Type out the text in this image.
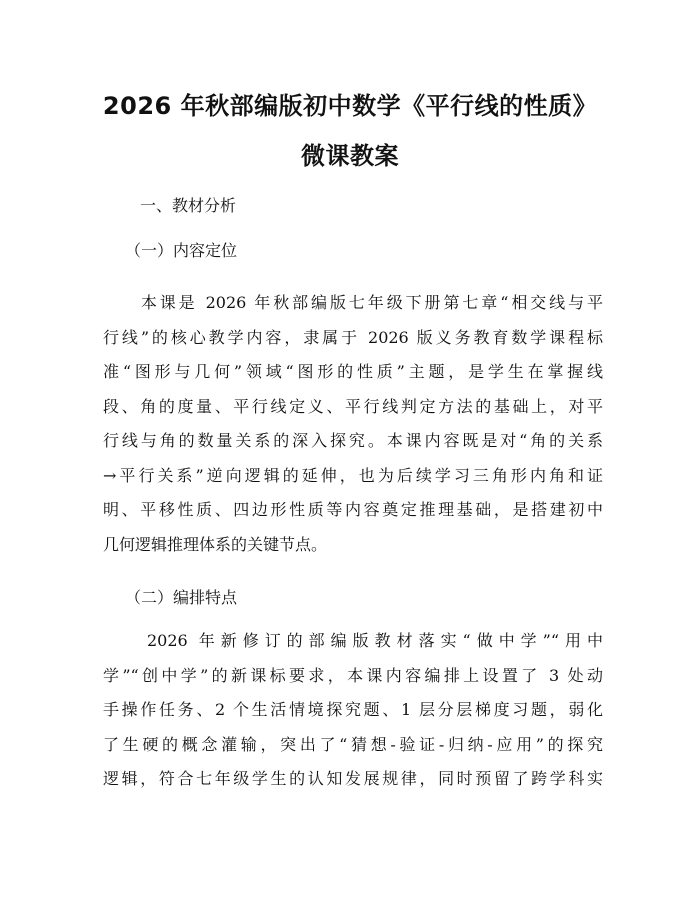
2026 年秋部编版初中数学《平行线的性质》
微课教案
一、教材分析
（一）内容定位
　　本课是 2026 年秋部编版七年级下册第七章“相交线与平
行线”的核心教学内容，隶属于 2026 版义务教育数学课程标
准“图形与几何”领域“图形的性质”主题，是学生在掌握线
段、角的度量、平行线定义、平行线判定方法的基础上，对平
行线与角的数量关系的深入探究。本课内容既是对“角的关系
→平行关系”逆向逻辑的延伸，也为后续学习三角形内角和证
明、平移性质、四边形性质等内容奠定推理基础，是搭建初中
几何逻辑推理体系的关键节点。
（二）编排特点
　　2026 年新修订的部编版教材落实“做中学”“用中
学”“创中学”的新课标要求，本课内容编排上设置了 3 处动
手操作任务、2 个生活情境探究题、1 层分层梯度习题，弱化
了生硬的概念灌输，突出了“猜想-验证-归纳-应用”的探究
逻辑，符合七年级学生的认知发展规律，同时预留了跨学科实
